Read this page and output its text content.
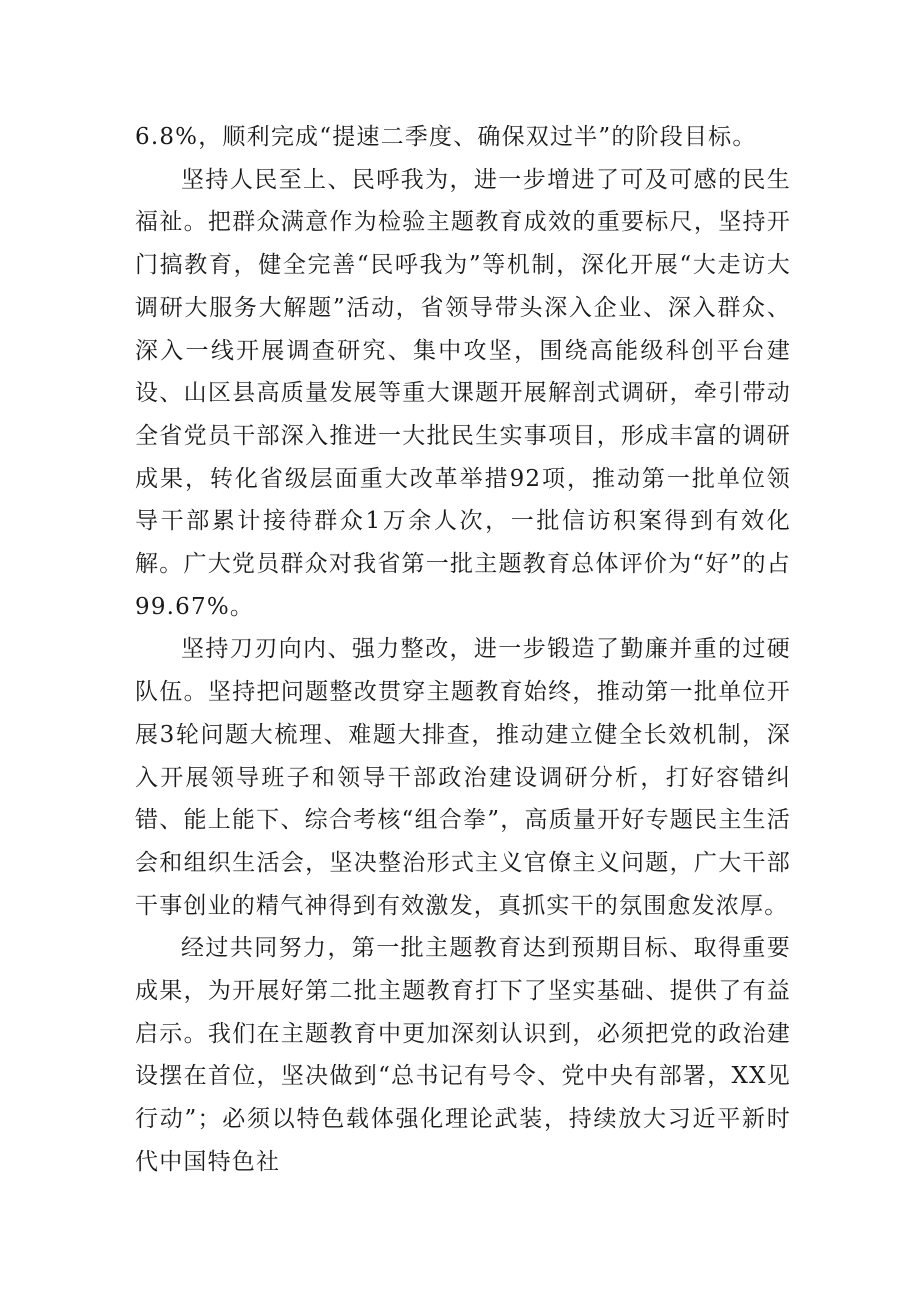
6.8%，顺利完成“提速二季度、确保双过半”的阶段目标。

坚持人民至上、民呼我为，进一步增进了可及可感的民生福祉。把群众满意作为检验主题教育成效的重要标尺，坚持开门搞教育，健全完善“民呼我为”等机制，深化开展“大走访大调研大服务大解题”活动，省领导带头深入企业、深入群众、深入一线开展调查研究、集中攻坚，围绕高能级科创平台建设、山区县高质量发展等重大课题开展解剖式调研，牵引带动全省党员干部深入推进一大批民生实事项目，形成丰富的调研成果，转化省级层面重大改革举措92项，推动第一批单位领导干部累计接待群众1万余人次，一批信访积案得到有效化解。广大党员群众对我省第一批主题教育总体评价为“好”的占99.67%。

坚持刀刃向内、强力整改，进一步锻造了勤廉并重的过硬队伍。坚持把问题整改贯穿主题教育始终，推动第一批单位开展3轮问题大梳理、难题大排查，推动建立健全长效机制，深入开展领导班子和领导干部政治建设调研分析，打好容错纠错、能上能下、综合考核“组合拳”，高质量开好专题民主生活会和组织生活会，坚决整治形式主义官僚主义问题，广大干部干事创业的精气神得到有效激发，真抓实干的氛围愈发浓厚。

经过共同努力，第一批主题教育达到预期目标、取得重要成果，为开展好第二批主题教育打下了坚实基础、提供了有益启示。我们在主题教育中更加深刻认识到，必须把党的政治建设摆在首位，坚决做到“总书记有号令、党中央有部署，XX见行动”；必须以特色载体强化理论武装，持续放大习近平新时代中国特色社
